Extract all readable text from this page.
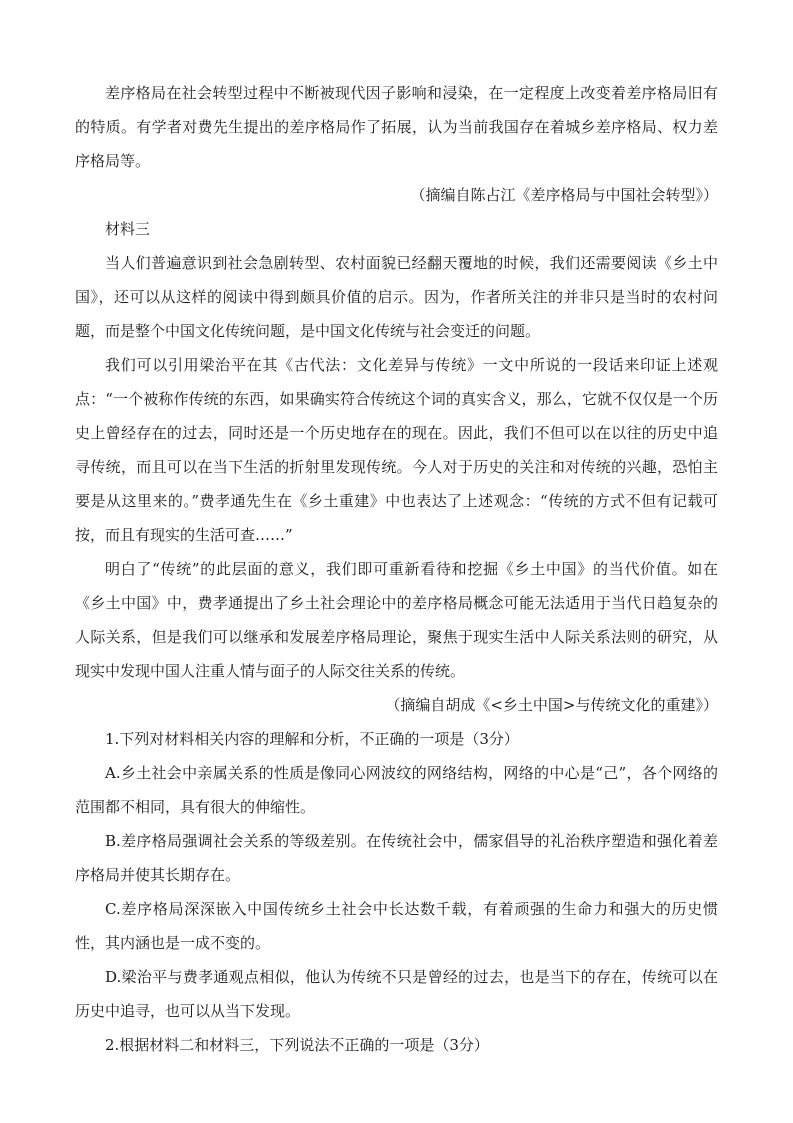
差序格局在社会转型过程中不断被现代因子影响和浸染，在一定程度上改变着差序格局旧有的特质。有学者对费先生提出的差序格局作了拓展，认为当前我国存在着城乡差序格局、权力差序格局等。

（摘编自陈占江《差序格局与中国社会转型》）

材料三

当人们普遍意识到社会急剧转型、农村面貌已经翻天覆地的时候，我们还需要阅读《乡土中国》，还可以从这样的阅读中得到颇具价值的启示。因为，作者所关注的并非只是当时的农村问题，而是整个中国文化传统问题，是中国文化传统与社会变迁的问题。

我们可以引用梁治平在其《古代法：文化差异与传统》一文中所说的一段话来印证上述观点：“一个被称作传统的东西，如果确实符合传统这个词的真实含义，那么，它就不仅仅是一个历史上曾经存在的过去，同时还是一个历史地存在的现在。因此，我们不但可以在以往的历史中追寻传统，而且可以在当下生活的折射里发现传统。今人对于历史的关注和对传统的兴趣，恐怕主要是从这里来的。”费孝通先生在《乡土重建》中也表达了上述观念：“传统的方式不但有记载可按，而且有现实的生活可查……”

明白了“传统”的此层面的意义，我们即可重新看待和挖掘《乡土中国》的当代价值。如在《乡土中国》中，费孝通提出了乡土社会理论中的差序格局概念可能无法适用于当代日趋复杂的人际关系，但是我们可以继承和发展差序格局理论，聚焦于现实生活中人际关系法则的研究，从现实中发现中国人注重人情与面子的人际交往关系的传统。

（摘编自胡成《<乡土中国>与传统文化的重建》）

1.下列对材料相关内容的理解和分析，不正确的一项是（3分）

A.乡土社会中亲属关系的性质是像同心网波纹的网络结构，网络的中心是“己”，各个网络的范围都不相同，具有很大的伸缩性。

B.差序格局强调社会关系的等级差别。在传统社会中，儒家倡导的礼治秩序塑造和强化着差序格局并使其长期存在。

C.差序格局深深嵌入中国传统乡土社会中长达数千载，有着顽强的生命力和强大的历史惯性，其内涵也是一成不变的。

D.梁治平与费孝通观点相似，他认为传统不只是曾经的过去，也是当下的存在，传统可以在历史中追寻，也可以从当下发现。

2.根据材料二和材料三，下列说法不正确的一项是（3分）
